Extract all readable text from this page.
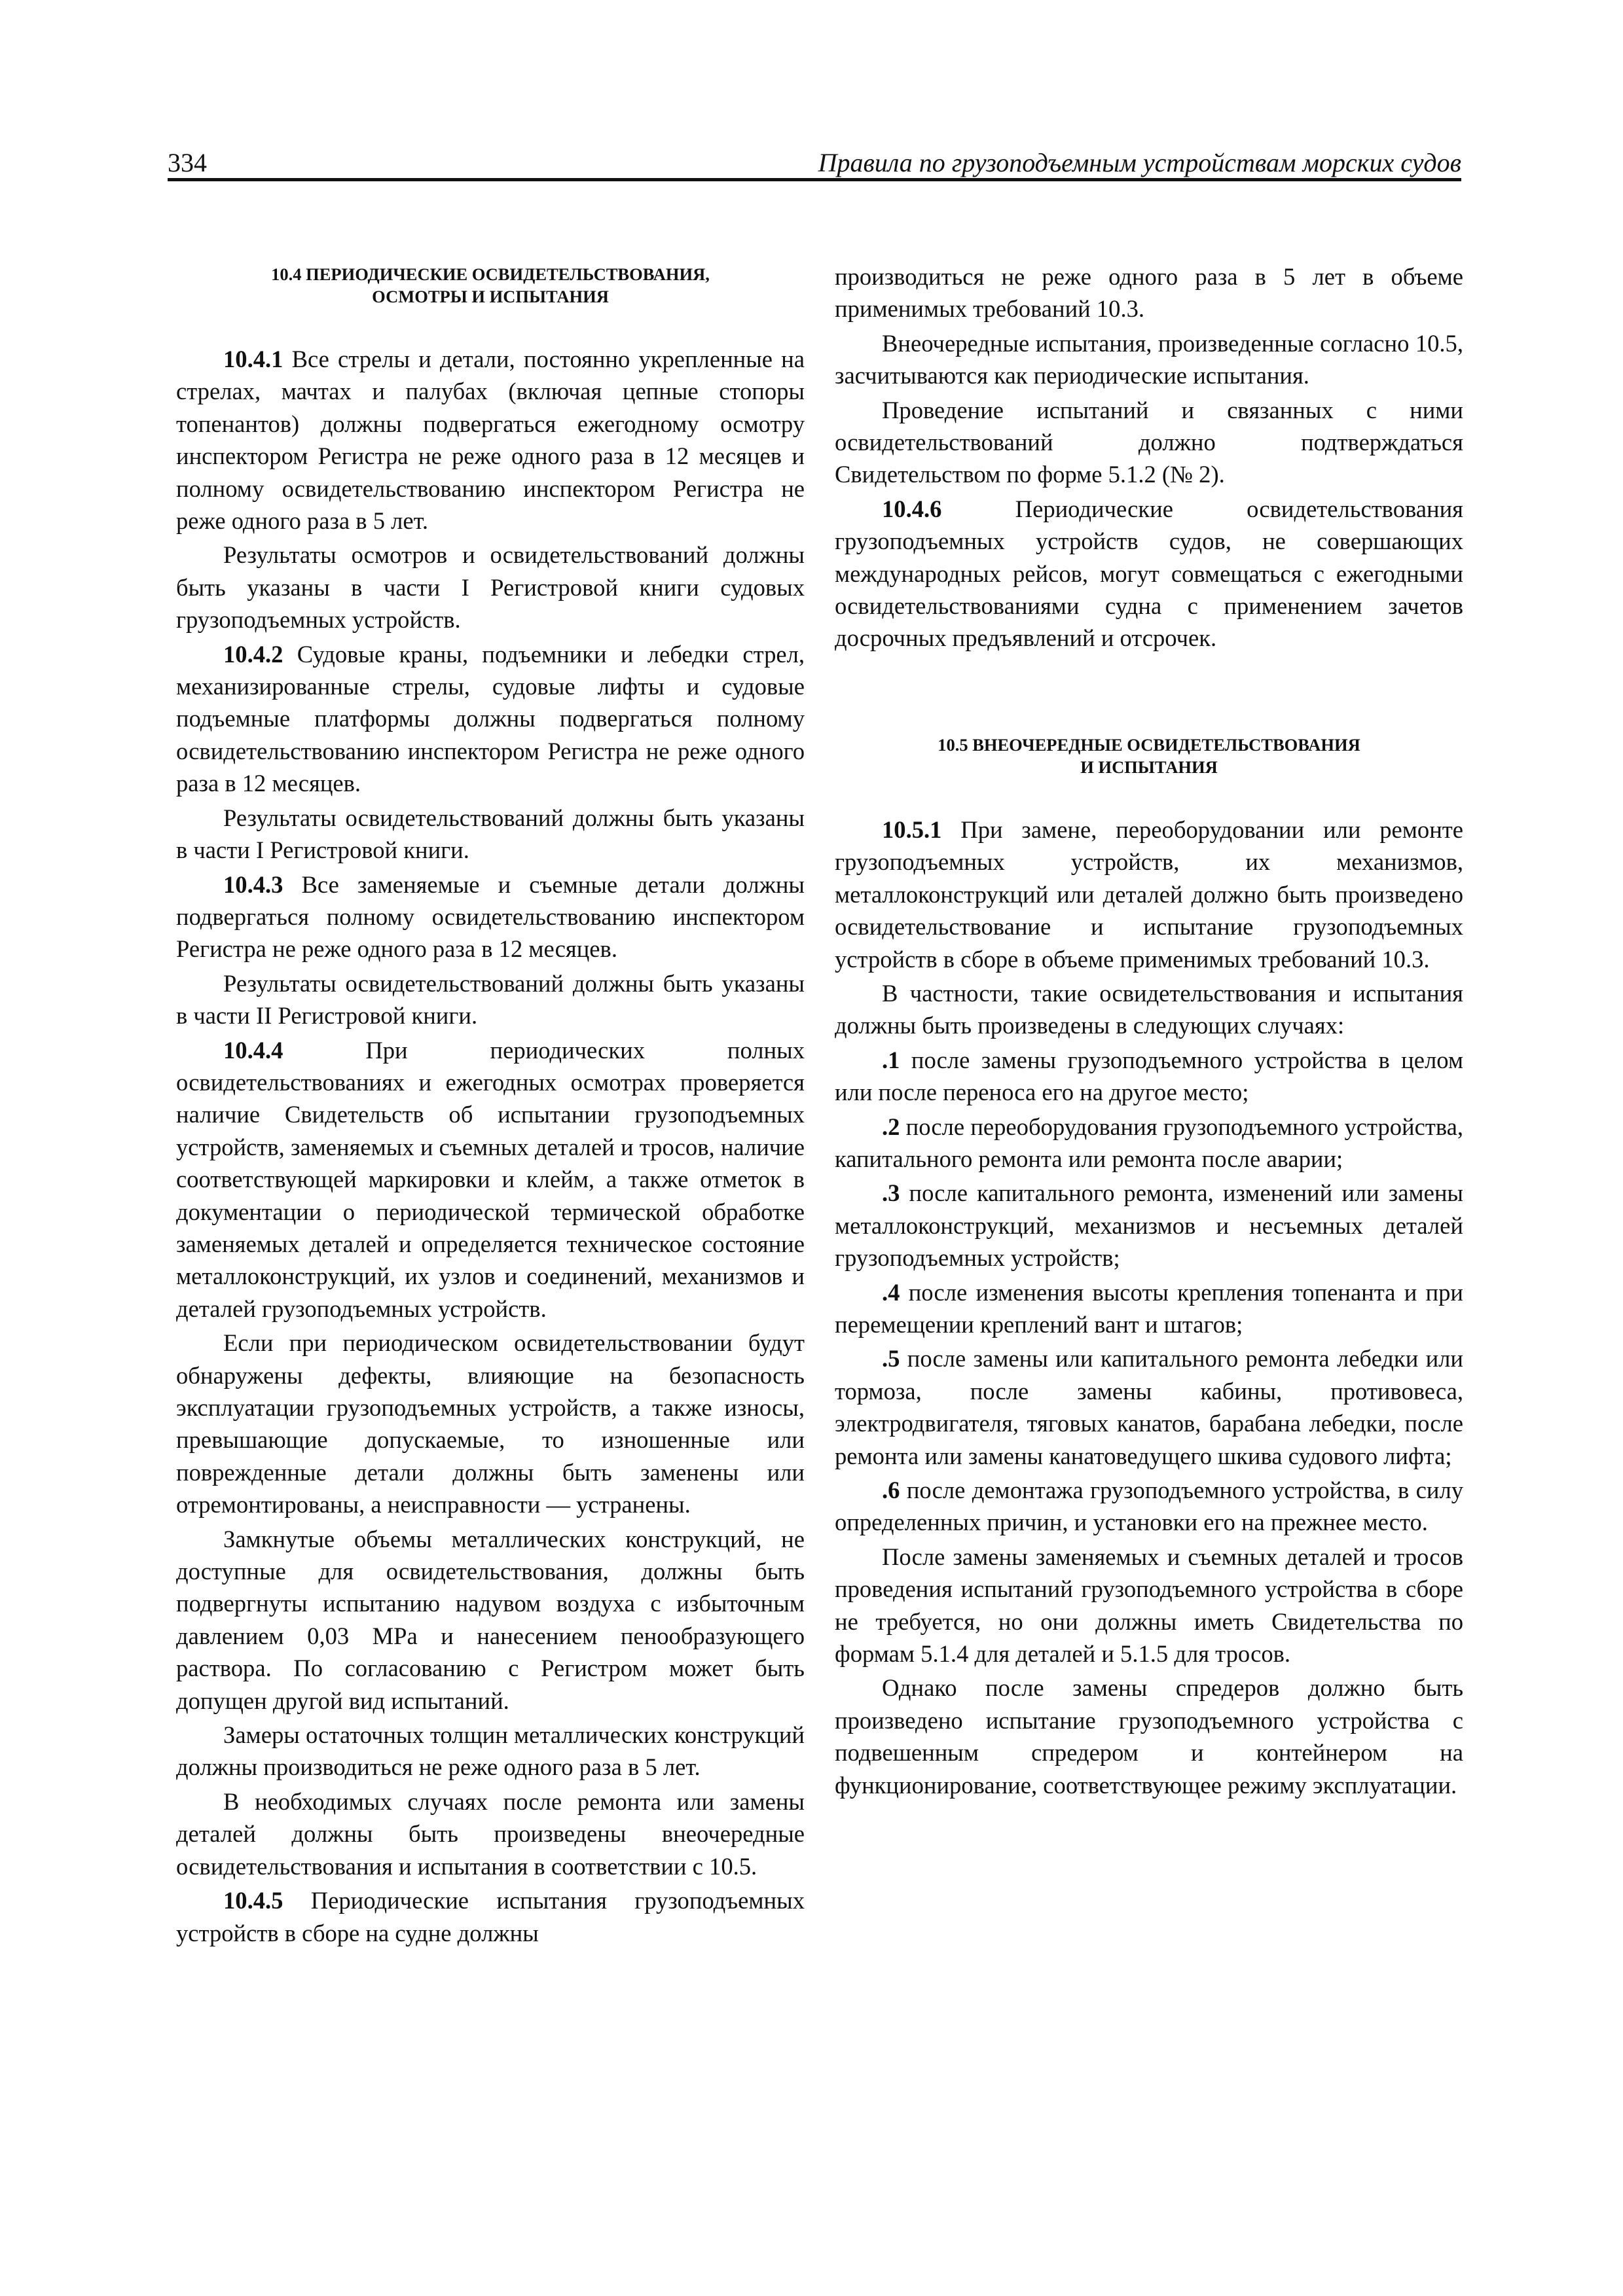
334	Правила по грузоподъемным устройствам морских судов

10.4 ПЕРИОДИЧЕСКИЕ ОСВИДЕТЕЛЬСТВОВАНИЯ,
ОСМОТРЫ И ИСПЫТАНИЯ

10.4.1 Все стрелы и детали, постоянно укрепленные на стрелах, мачтах и палубах (включая цепные стопоры топенантов) должны подвергаться ежегодному осмотру инспектором Регистра не реже одного раза в 12 месяцев и полному освидетельствованию инспектором Регистра не реже одного раза в 5 лет.

Результаты осмотров и освидетельствований должны быть указаны в части I Регистровой книги судовых грузоподъемных устройств.

10.4.2 Судовые краны, подъемники и лебедки стрел, механизированные стрелы, судовые лифты и судовые подъемные платформы должны подвергаться полному освидетельствованию инспектором Регистра не реже одного раза в 12 месяцев.

Результаты освидетельствований должны быть указаны в части I Регистровой книги.

10.4.3 Все заменяемые и съемные детали должны подвергаться полному освидетельствованию инспектором Регистра не реже одного раза в 12 месяцев.

Результаты освидетельствований должны быть указаны в части II Регистровой книги.

10.4.4 При периодических полных освидетельствованиях и ежегодных осмотрах проверяется наличие Свидетельств об испытании грузоподъемных устройств, заменяемых и съемных деталей и тросов, наличие соответствующей маркировки и клейм, а также отметок в документации о периодической термической обработке заменяемых деталей и определяется техническое состояние металлоконструкций, их узлов и соединений, механизмов и деталей грузоподъемных устройств.

Если при периодическом освидетельствовании будут обнаружены дефекты, влияющие на безопасность эксплуатации грузоподъемных устройств, а также износы, превышающие допускаемые, то изношенные или поврежденные детали должны быть заменены или отремонтированы, а неисправности — устранены.

Замкнутые объемы металлических конструкций, не доступные для освидетельствования, должны быть подвергнуты испытанию надувом воздуха с избыточным давлением 0,03 МРа и нанесением пенообразующего раствора. По согласованию с Регистром может быть допущен другой вид испытаний.

Замеры остаточных толщин металлических конструкций должны производиться не реже одного раза в 5 лет.

В необходимых случаях после ремонта или замены деталей должны быть произведены внеочередные освидетельствования и испытания в соответствии с 10.5.

10.4.5 Периодические испытания грузоподъемных устройств в сборе на судне должны

производиться не реже одного раза в 5 лет в объеме применимых требований 10.3.

Внеочередные испытания, произведенные согласно 10.5, засчитываются как периодические испытания.

Проведение испытаний и связанных с ними освидетельствований должно подтверждаться Свидетельством по форме 5.1.2 (№ 2).

10.4.6 Периодические освидетельствования грузоподъемных устройств судов, не совершающих международных рейсов, могут совмещаться с ежегодными освидетельствованиями судна с применением зачетов досрочных предъявлений и отсрочек.

10.5 ВНЕОЧЕРЕДНЫЕ ОСВИДЕТЕЛЬСТВОВАНИЯ
И ИСПЫТАНИЯ

10.5.1 При замене, переоборудовании или ремонте грузоподъемных устройств, их механизмов, металлоконструкций или деталей должно быть произведено освидетельствование и испытание грузоподъемных устройств в сборе в объеме применимых требований 10.3.

В частности, такие освидетельствования и испытания должны быть произведены в следующих случаях:

.1 после замены грузоподъемного устройства в целом или после переноса его на другое место;

.2 после переоборудования грузоподъемного устройства, капитального ремонта или ремонта после аварии;

.3 после капитального ремонта, изменений или замены металлоконструкций, механизмов и несъемных деталей грузоподъемных устройств;

.4 после изменения высоты крепления топенанта и при перемещении креплений вант и штагов;

.5 после замены или капитального ремонта лебедки или тормоза, после замены кабины, противовеса, электродвигателя, тяговых канатов, барабана лебедки, после ремонта или замены канатоведущего шкива судового лифта;

.6 после демонтажа грузоподъемного устройства, в силу определенных причин, и установки его на прежнее место.

После замены заменяемых и съемных деталей и тросов проведения испытаний грузоподъемного устройства в сборе не требуется, но они должны иметь Свидетельства по формам 5.1.4 для деталей и 5.1.5 для тросов.

Однако после замены спредеров должно быть произведено испытание грузоподъемного устройства с подвешенным спредером и контейнером на функционирование, соответствующее режиму эксплуатации.
